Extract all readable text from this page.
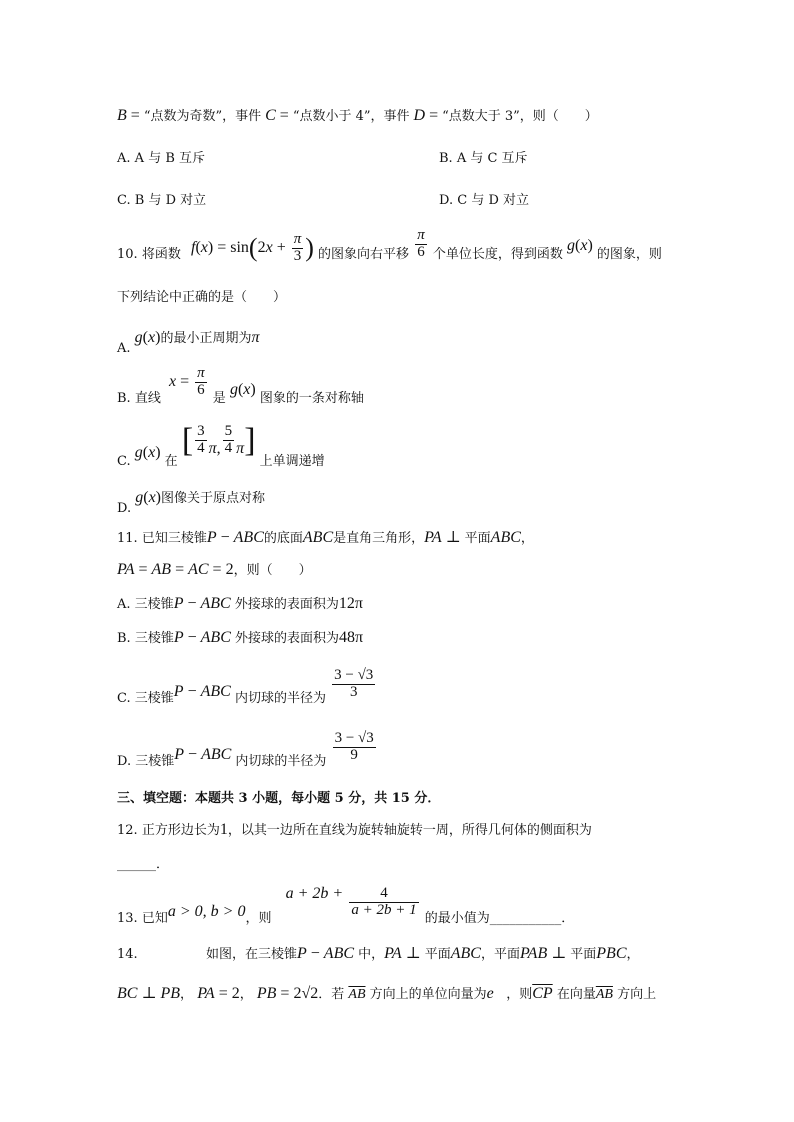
B = “点数为奇数”，事件 C = “点数小于 4”，事件 D = “点数大于 3”，则（　　）
A. A 与 B 互斥	B. A 与 C 互斥
C. B 与 D 对立	D. C 与 D 对立
10. 将函数 $f(x) = \sin(2x + \frac{\pi}{3}$ ) 的图象向右平移 $\frac{\pi}{6}$ 个单位长度，得到函数 g(x) 的图象，则
下列结论中正确的是（　　）
A. g(x)的最小正周期为π
B. 直线 $x = \frac{\pi}{6}$ 是 g(x) 图象的一条对称轴
C. g(x) 在 [ $\frac{3}{4} \pi$, $\frac{5}{4} \pi$] 上单调递增
D. g(x)图像关于原点对称
11. 已知三棱锥P − ABC的底面ABC是直角三角形，PA ⊥ 平面ABC，
PA = AB = AC = 2，则（　　）
A. 三棱锥P − ABC 外接球的表面积为12π
B. 三棱锥P − ABC 外接球的表面积为48π
C. 三棱锥P − ABC 内切球的半径为 $\frac{3 - √3}{3}$
D. 三棱锥P − ABC 内切球的半径为 $\frac{3 - √3}{9}$
三、填空题：本题共 3 小题，每小题 5 分，共 15 分．
12. 正方形边长为1，以其一边所在直线为旋转轴旋转一周，所得几何体的侧面积为
______．
13. 已知a > 0, b > 0，则 $a + 2b + \frac{4}{a + 2b + 1}$ 的最小值为___________．
14.	如图，在三棱锥P − ABC 中，PA ⊥ 平面ABC，平面PAB ⊥ 平面PBC，
BC ⊥ PB， PA = 2， PB = 2√2．若 $\overline{AB}$ 方向上的单位向量为e⃗，则$\overline{CP}$ 在向量$\overline{AB}$ 方向上
